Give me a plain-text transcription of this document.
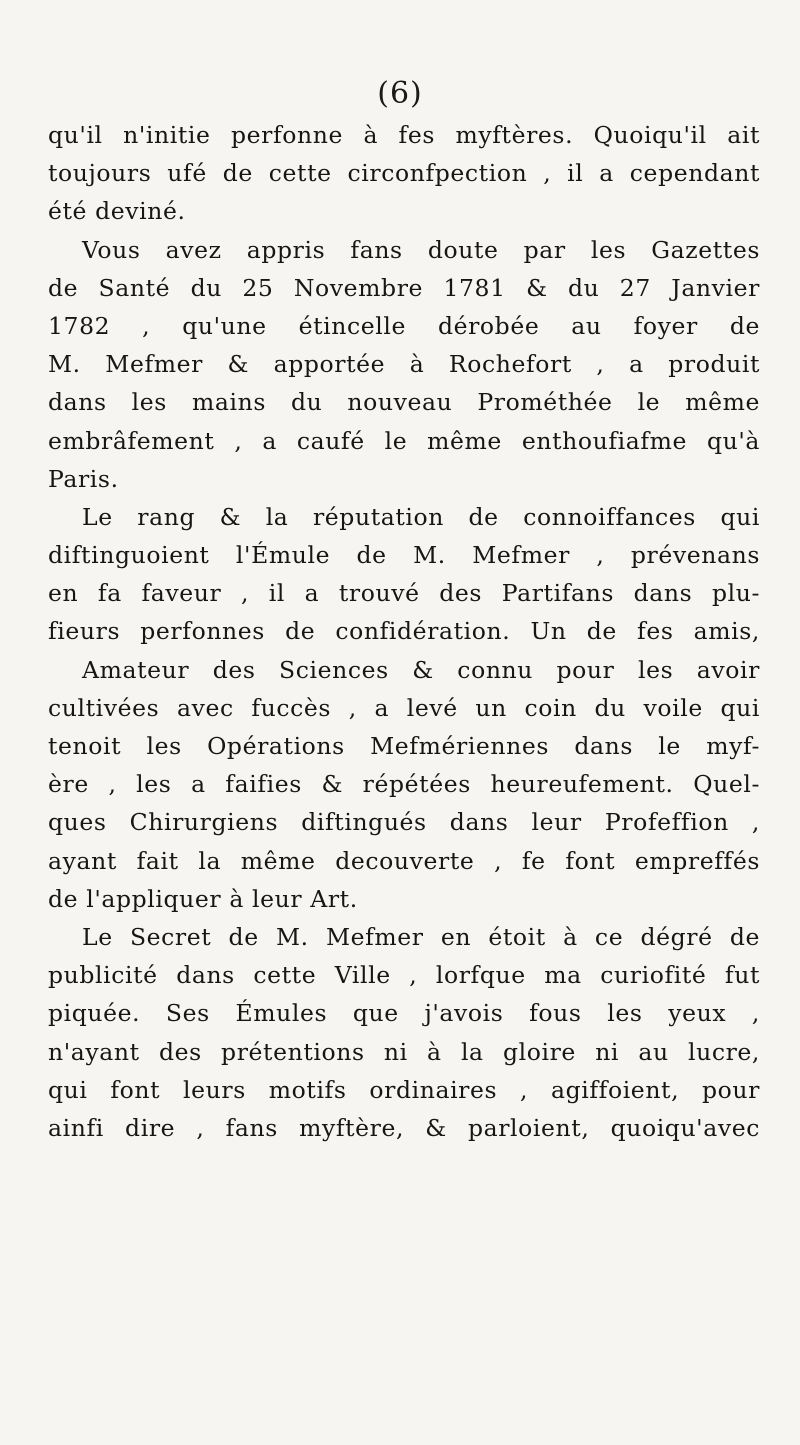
(6)
qu'il n'initie perfonne à fes myftères. Quoiqu'il ait
toujours ufé de cette circonfpection , il a cependant
été deviné.
Vous avez appris fans doute par les Gazettes
de Santé du 25 Novembre 1781 & du 27 Janvier
1782 , qu'une étincelle dérobée au foyer de
M. Mefmer & apportée à Rochefort , a produit
dans les mains du nouveau Prométhée le même
embrâfement , a caufé le même enthoufiafme qu'à
Paris.
Le rang & la réputation de connoiffances qui
diftinguoient l'Émule de M. Mefmer , prévenans
en fa faveur , il a trouvé des Partifans dans plu-
fieurs perfonnes de confidération. Un de fes amis,
Amateur des Sciences & connu pour les avoir
cultivées avec fuccès , a levé un coin du voile qui
tenoit les Opérations Mefmériennes dans le myf-
ère , les a faifies & répétées heureufement. Quel-
ques Chirurgiens diftingués dans leur Profeffion ,
ayant fait la même decouverte , fe font empreffés
de l'appliquer à leur Art.
Le Secret de M. Mefmer en étoit à ce dégré de
publicité dans cette Ville , lorfque ma curiofité fut
piquée. Ses Émules que j'avois fous les yeux ,
n'ayant des prétentions ni à la gloire ni au lucre,
qui font leurs motifs ordinaires , agiffoient, pour
ainfi dire , fans myftère, & parloient, quoiqu'avec
